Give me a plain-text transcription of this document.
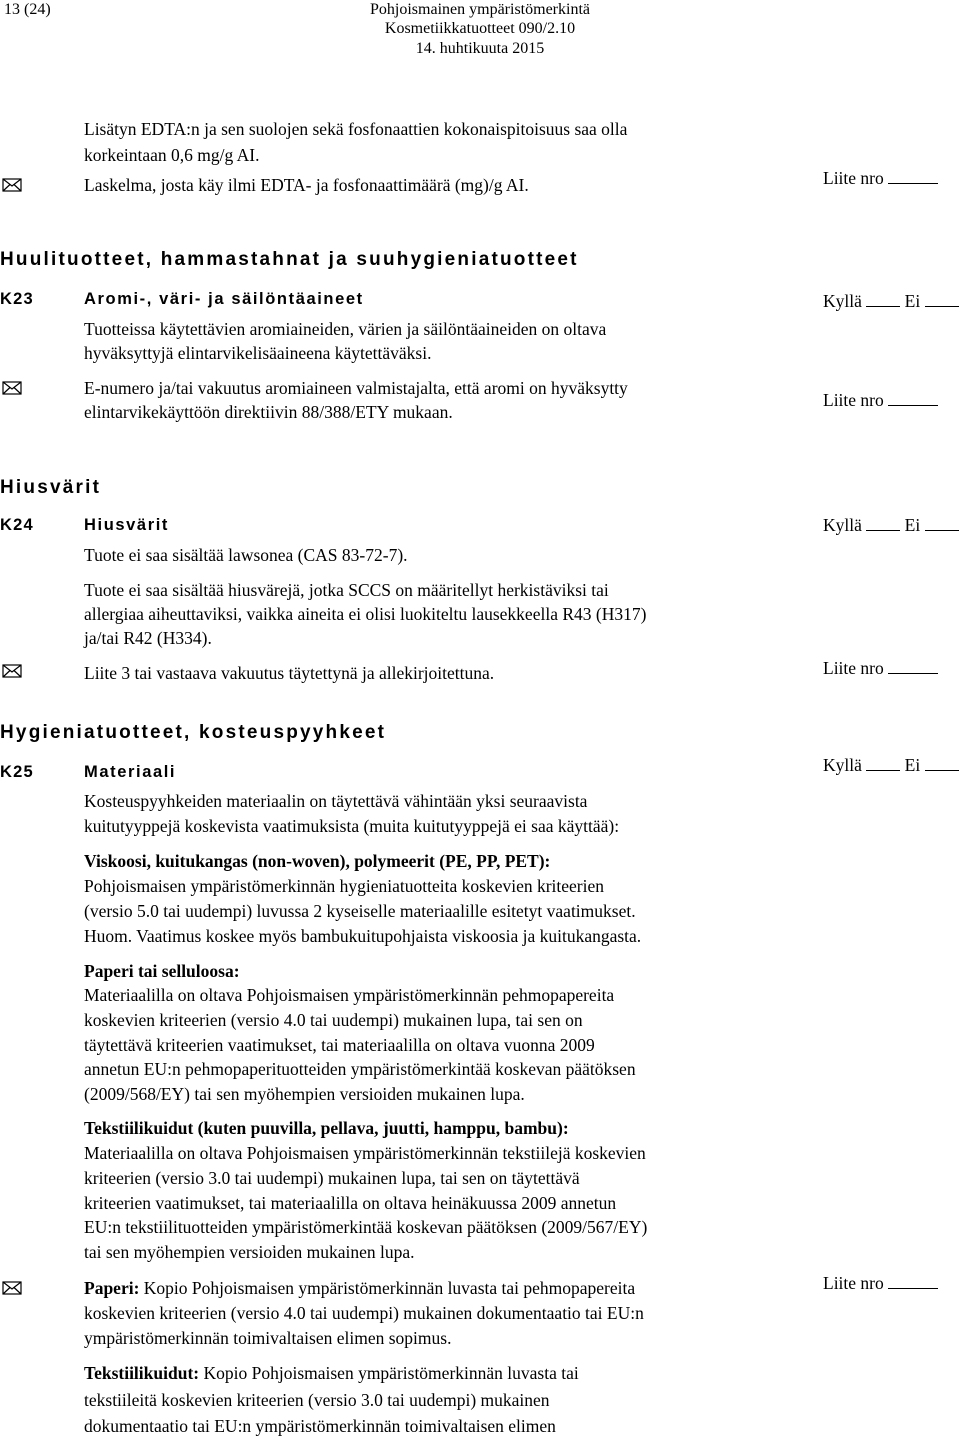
13 (24)	Pohjoismainen ympäristömerkintä
Kosmetiikkatuotteet 090/2.10
14. huhtikuuta 2015
Lisätyn EDTA:n ja sen suolojen sekä fosfonaattien kokonaispitoisuus saa olla
korkeintaan 0,6 mg/g AI.
Laskelma, josta käy ilmi EDTA- ja fosfonaattimäärä (mg)/g AI.	Liite nro
Huulituotteet, hammastahnat ja suuhygieniatuotteet
K23	Aromi-, väri- ja säilöntäaineet	Kyllä Ei
Tuotteissa käytettävien aromiaineiden, värien ja säilöntäaineiden on oltava
hyväksyttyjä elintarvikelisäaineena käytettäväksi.
E-numero ja/tai vakuutus aromiaineen valmistajalta, että aromi on hyväksytty
elintarvikekäyttöön direktiivin 88/388/ETY mukaan.
Liite nro
Hiusvärit
K24	Hiusvärit	Kyllä Ei
Tuote ei saa sisältää lawsonea (CAS 83-72-7).
Tuote ei saa sisältää hiusvärejä, jotka SCCS on määritellyt herkistäviksi tai
allergiaa aiheuttaviksi, vaikka aineita ei olisi luokiteltu lausekkeella R43 (H317)
ja/tai R42 (H334).
Liite 3 tai vastaava vakuutus täytettynä ja allekirjoitettuna.	Liite nro
Hygieniatuotteet, kosteuspyyhkeet
K25	Materiaali	Kyllä Ei
Kosteuspyyhkeiden materiaalin on täytettävä vähintään yksi seuraavista
kuitutyyppejä koskevista vaatimuksista (muita kuitutyyppejä ei saa käyttää):
Viskoosi, kuitukangas (non-woven), polymeerit (PE, PP, PET):
Pohjoismaisen ympäristömerkinnän hygieniatuotteita koskevien kriteerien
(versio 5.0 tai uudempi) luvussa 2 kyseiselle materiaalille esitetyt vaatimukset.
Huom. Vaatimus koskee myös bambukuitupohjaista viskoosia ja kuitukangasta.
Paperi tai selluloosa:
Materiaalilla on oltava Pohjoismaisen ympäristömerkinnän pehmopapereita
koskevien kriteerien (versio 4.0 tai uudempi) mukainen lupa, tai sen on
täytettävä kriteerien vaatimukset, tai materiaalilla on oltava vuonna 2009
annetun EU:n pehmopaperituotteiden ympäristömerkintää koskevan päätöksen
(2009/568/EY) tai sen myöhempien versioiden mukainen lupa.
Tekstiilikuidut (kuten puuvilla, pellava, juutti, hamppu, bambu):
Materiaalilla on oltava Pohjoismaisen ympäristömerkinnän tekstiilejä koskevien
kriteerien (versio 3.0 tai uudempi) mukainen lupa, tai sen on täytettävä
kriteerien vaatimukset, tai materiaalilla on oltava heinäkuussa 2009 annetun
EU:n tekstiilituotteiden ympäristömerkintää koskevan päätöksen (2009/567/EY)
tai sen myöhempien versioiden mukainen lupa.
Paperi: Kopio Pohjoismaisen ympäristömerkinnän luvasta tai pehmopapereita
koskevien kriteerien (versio 4.0 tai uudempi) mukainen dokumentaatio tai EU:n
ympäristömerkinnän toimivaltaisen elimen sopimus.
Liite nro
Tekstiilikuidut: Kopio Pohjoismaisen ympäristömerkinnän luvasta tai
tekstiileitä koskevien kriteerien (versio 3.0 tai uudempi) mukainen
dokumentaatio tai EU:n ympäristömerkinnän toimivaltaisen elimen
